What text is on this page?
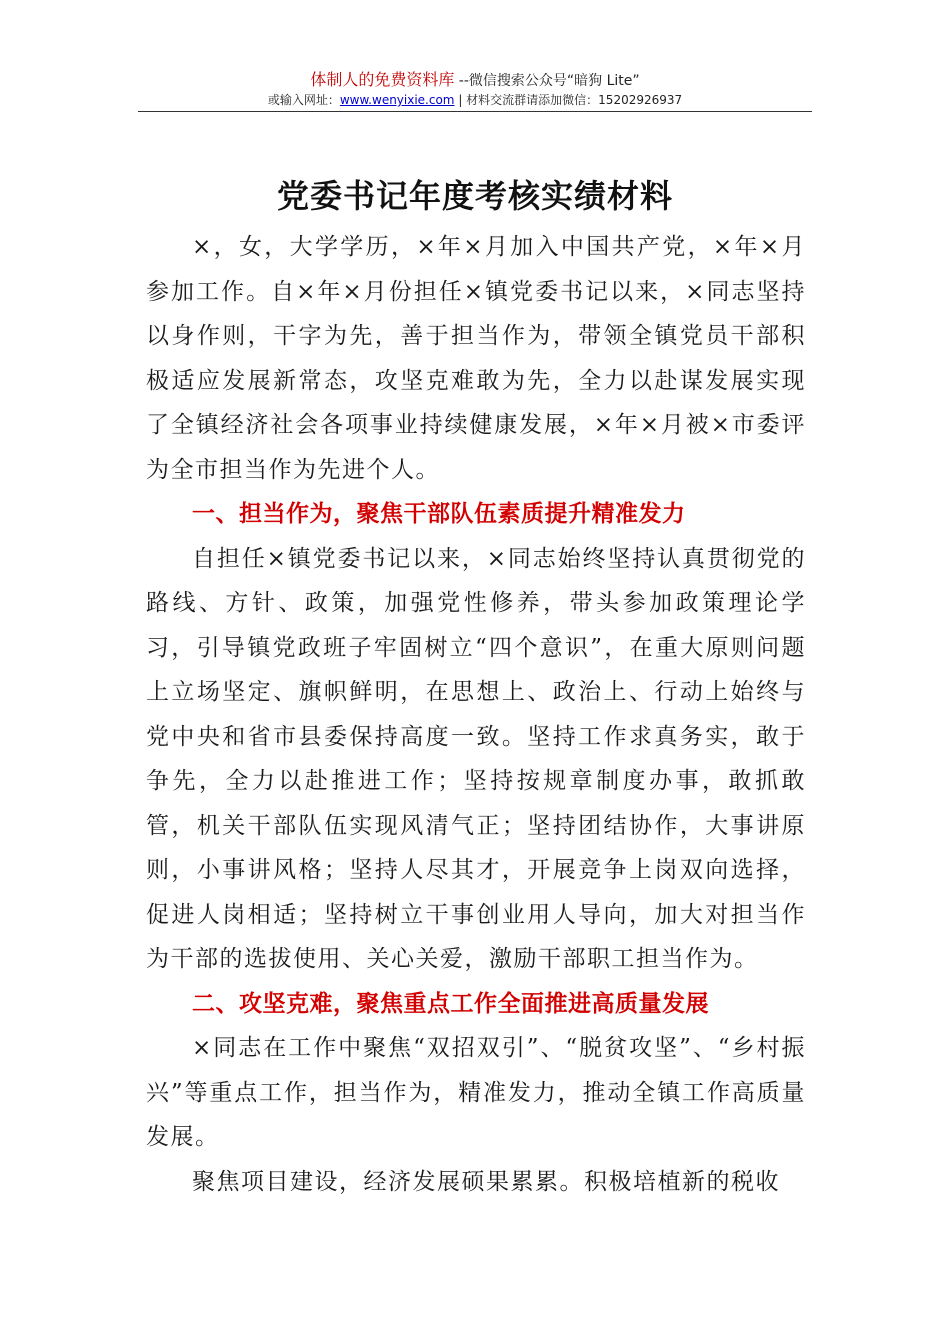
体制人的免费资料库 --微信搜索公众号“暗狗 Lite”
或输入网址：www.wenyixie.com | 材料交流群请添加微信：15202926937
党委书记年度考核实绩材料

×，女，大学学历，×年×月加入中国共产党，×年×月参加工作。自×年×月份担任×镇党委书记以来，×同志坚持以身作则，干字为先，善于担当作为，带领全镇党员干部积极适应发展新常态，攻坚克难敢为先，全力以赴谋发展实现了全镇经济社会各项事业持续健康发展，×年×月被×市委评为全市担当作为先进个人。

一、担当作为，聚焦干部队伍素质提升精准发力

自担任×镇党委书记以来，×同志始终坚持认真贯彻党的路线、方针、政策，加强党性修养，带头参加政策理论学习，引导镇党政班子牢固树立“四个意识”，在重大原则问题上立场坚定、旗帜鲜明，在思想上、政治上、行动上始终与党中央和省市县委保持高度一致。坚持工作求真务实，敢于争先，全力以赴推进工作；坚持按规章制度办事，敢抓敢管，机关干部队伍实现风清气正；坚持团结协作，大事讲原则，小事讲风格；坚持人尽其才，开展竞争上岗双向选择，促进人岗相适；坚持树立干事创业用人导向，加大对担当作为干部的选拔使用、关心关爱，激励干部职工担当作为。

二、攻坚克难，聚焦重点工作全面推进高质量发展

×同志在工作中聚焦“双招双引”、“脱贫攻坚”、“乡村振兴”等重点工作，担当作为，精准发力，推动全镇工作高质量发展。

聚焦项目建设，经济发展硕果累累。积极培植新的税收
